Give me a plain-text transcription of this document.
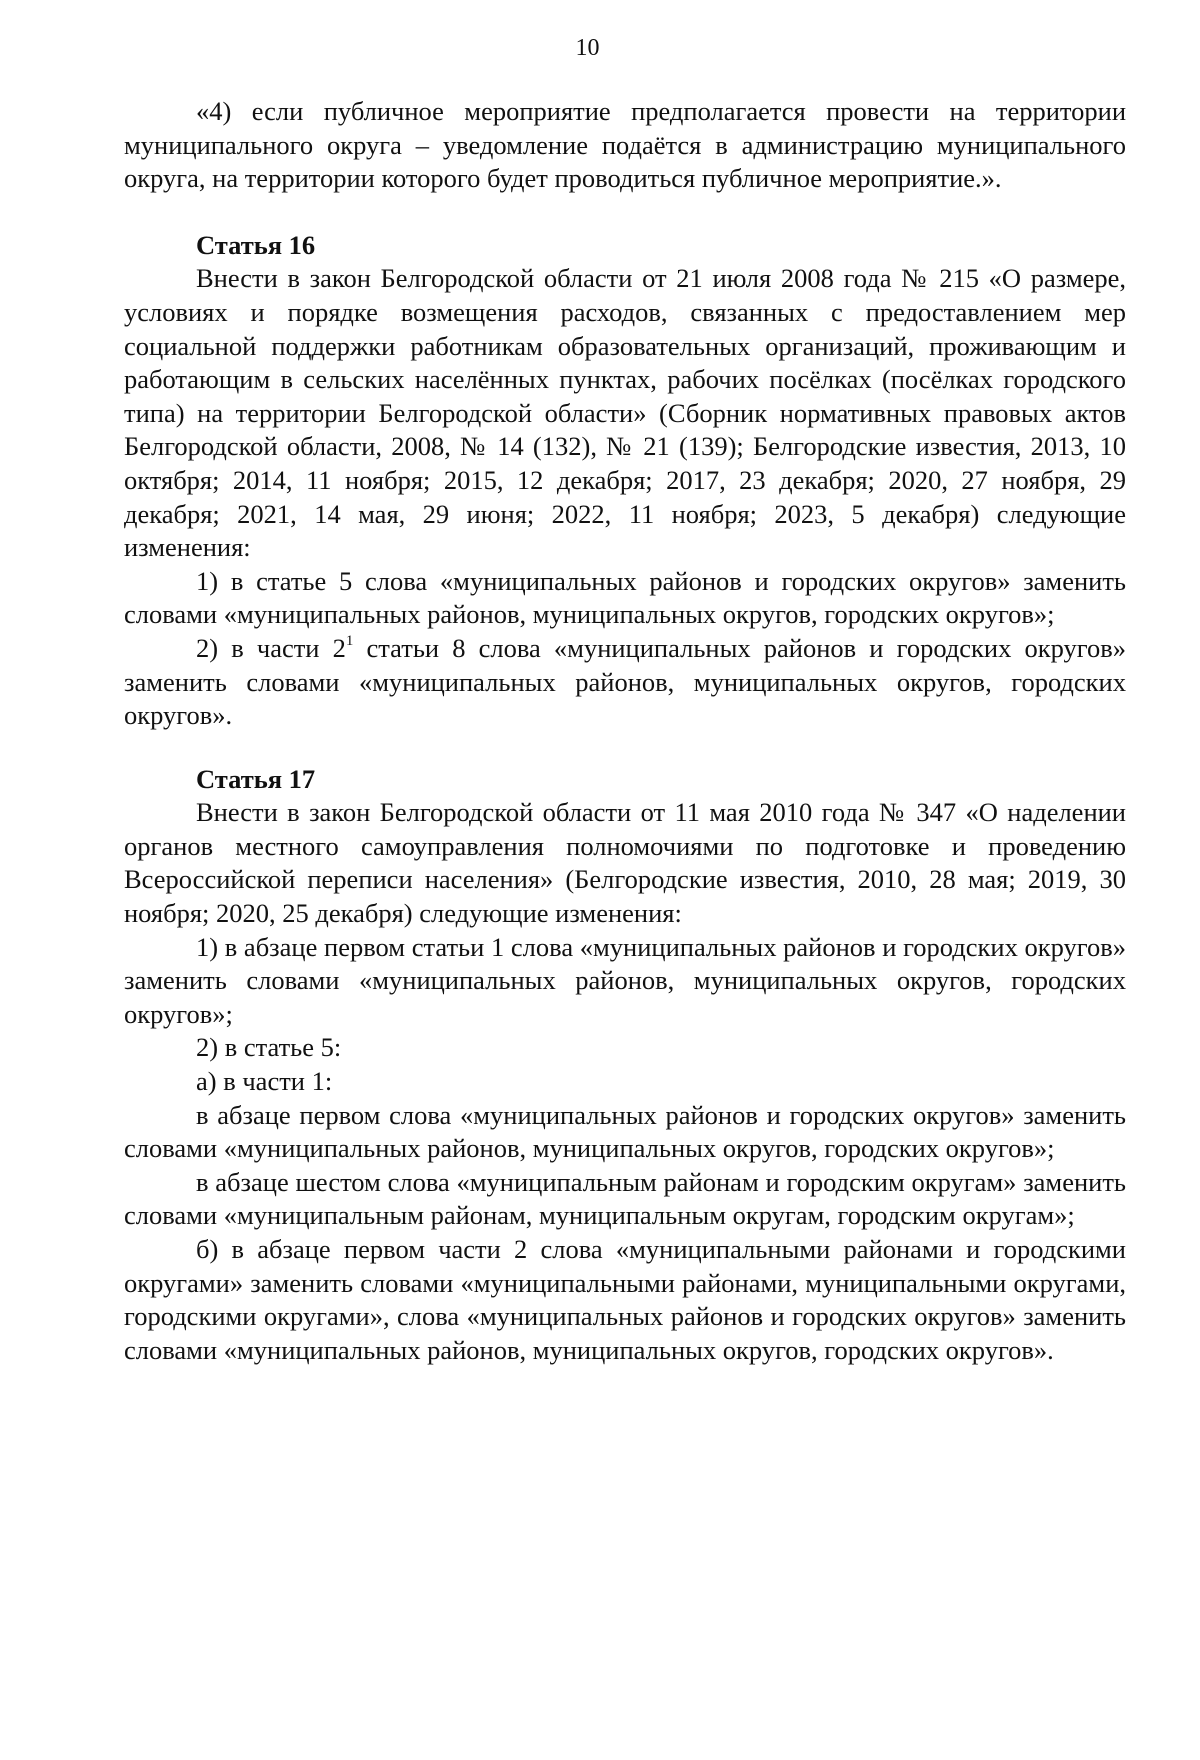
10

«4) если публичное мероприятие предполагается провести на территории муниципального округа – уведомление подаётся в администрацию муниципального округа, на территории которого будет проводиться публичное мероприятие.».

Статья 16

Внести в закон Белгородской области от 21 июля 2008 года № 215 «О размере, условиях и порядке возмещения расходов, связанных с предоставлением мер социальной поддержки работникам образовательных организаций, проживающим и работающим в сельских населённых пунктах, рабочих посёлках (посёлках городского типа) на территории Белгородской области» (Сборник нормативных правовых актов Белгородской области, 2008, № 14 (132), № 21 (139); Белгородские известия, 2013, 10 октября; 2014, 11 ноября; 2015, 12 декабря; 2017, 23 декабря; 2020, 27 ноября, 29 декабря; 2021, 14 мая, 29 июня; 2022, 11 ноября; 2023, 5 декабря) следующие изменения:

1) в статье 5 слова «муниципальных районов и городских округов» заменить словами «муниципальных районов, муниципальных округов, городских округов»;

2) в части $2^1$ статьи 8 слова «муниципальных районов и городских округов» заменить словами «муниципальных районов, муниципальных округов, городских округов».

Статья 17

Внести в закон Белгородской области от 11 мая 2010 года № 347 «О наделении органов местного самоуправления полномочиями по подготовке и проведению Всероссийской переписи населения» (Белгородские известия, 2010, 28 мая; 2019, 30 ноября; 2020, 25 декабря) следующие изменения:

1) в абзаце первом статьи 1 слова «муниципальных районов и городских округов» заменить словами «муниципальных районов, муниципальных округов, городских округов»;

2) в статье 5:

а) в части 1:

в абзаце первом слова «муниципальных районов и городских округов» заменить словами «муниципальных районов, муниципальных округов, городских округов»;

в абзаце шестом слова «муниципальным районам и городским округам» заменить словами «муниципальным районам, муниципальным округам, городским округам»;

б) в абзаце первом части 2 слова «муниципальными районами и городскими округами» заменить словами «муниципальными районами, муниципальными округами, городскими округами», слова «муниципальных районов и городских округов» заменить словами «муниципальных районов, муниципальных округов, городских округов».
